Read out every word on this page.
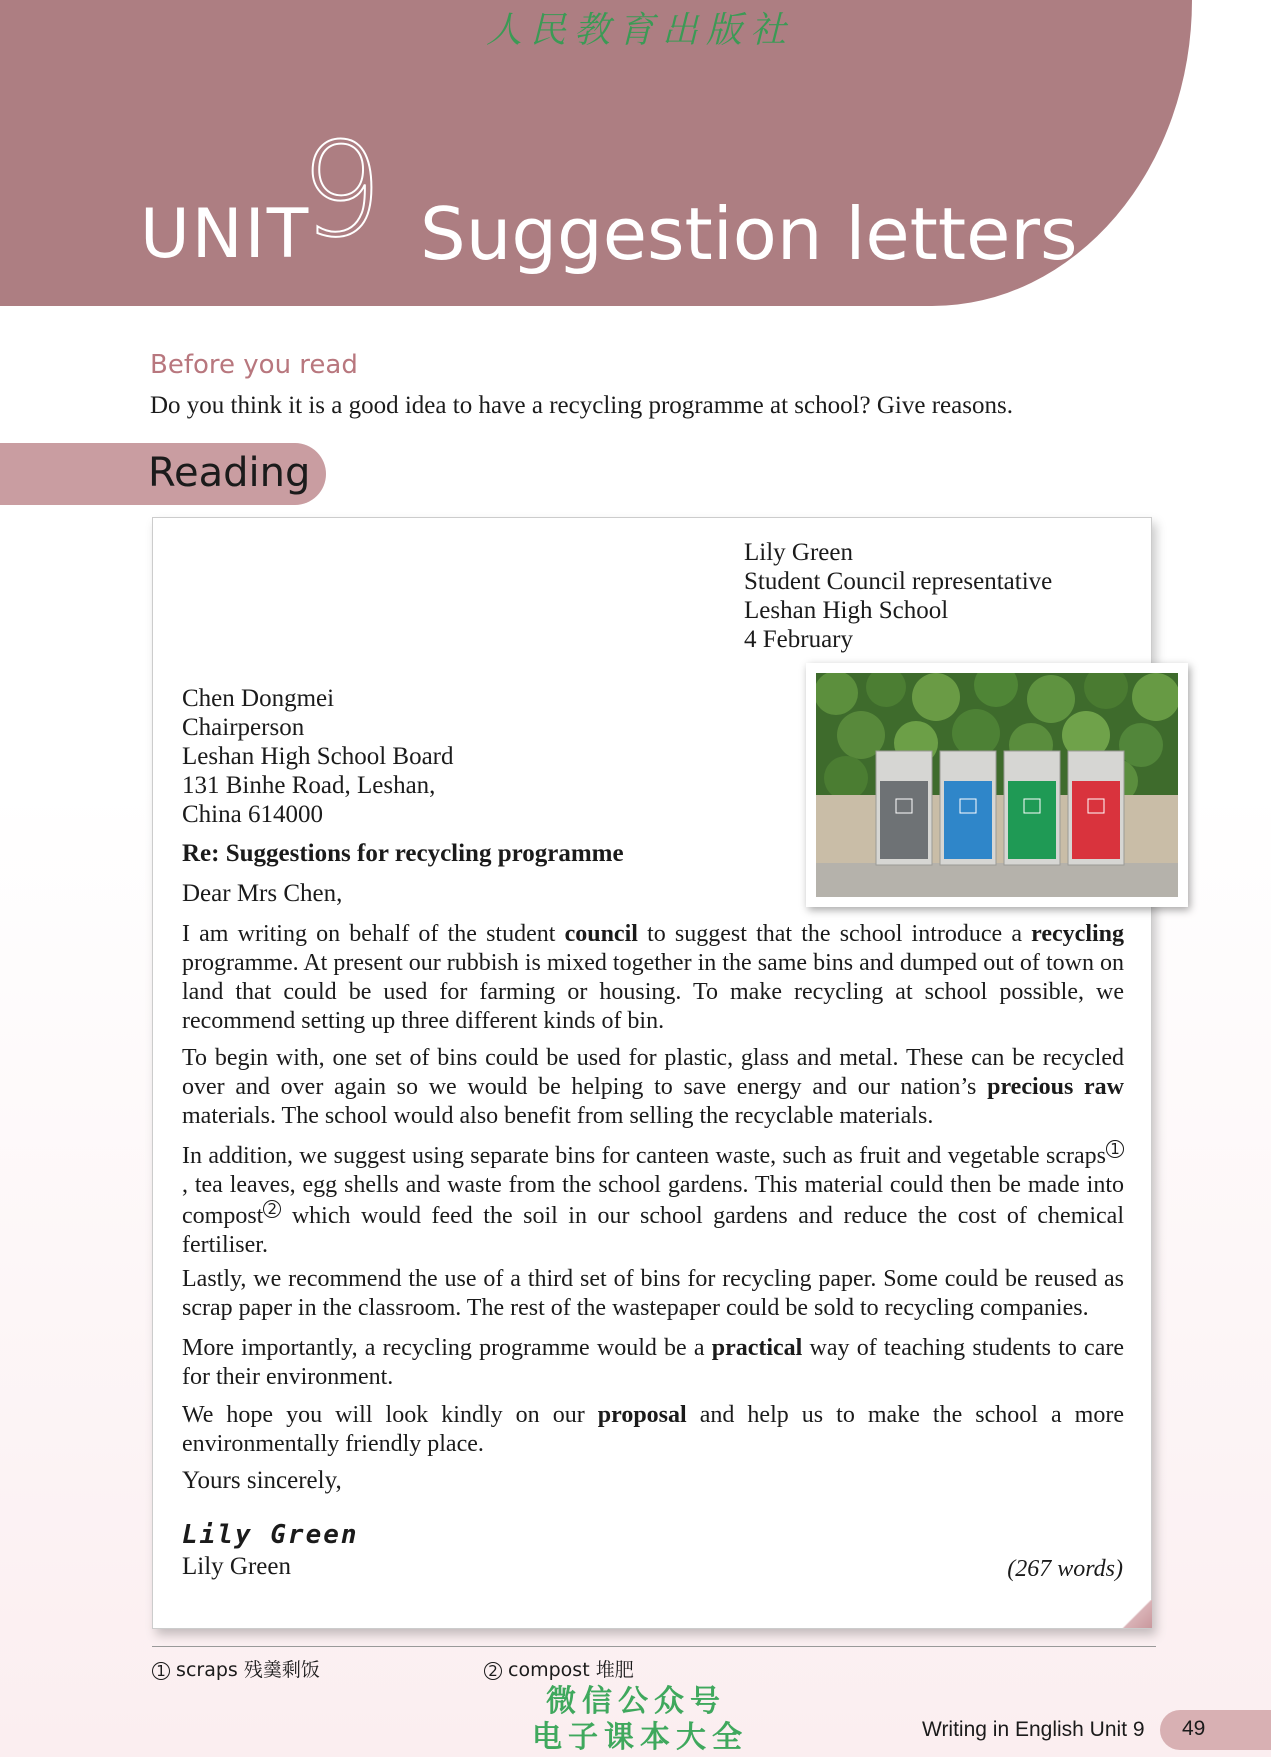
人民教育出版社
UNIT
9 Suggestion letters
Before you read
Do you think it is a good idea to have a recycling programme at school? Give reasons.
Reading
Lily Green
Student Council representative
Leshan High School
4 February
Chen Dongmei
Chairperson
Leshan High School Board
131 Binhe Road, Leshan,
China 614000
Re: Suggestions for recycling programme
Dear Mrs Chen,

I am writing on behalf of the student council to suggest that the school introduce a recycling programme. At present our rubbish is mixed together in the same bins and dumped out of town on land that could be used for farming or housing. To make recycling at school possible, we recommend setting up three different kinds of bin.

To begin with, one set of bins could be used for plastic, glass and metal. These can be recycled over and over again so we would be helping to save energy and our nation’s precious raw materials. The school would also benefit from selling the recyclable materials.

In addition, we suggest using separate bins for canteen waste, such as fruit and vegetable scraps 1, tea leaves, egg shells and waste from the school gardens. This material could then be made into compost 2 which would feed the soil in our school gardens and reduce the cost of chemical fertiliser.

Lastly, we recommend the use of a third set of bins for recycling paper. Some could be reused as scrap paper in the classroom. The rest of the wastepaper could be sold to recycling companies.

More importantly, a recycling programme would be a practical way of teaching students to care for their environment.

We hope you will look kindly on our proposal and help us to make the school a more environmentally friendly place.

Yours sincerely,
Lily Green
Lily Green	(267 words)
1 scraps 残羹剩饭	2 compost 堆肥
微信公众号
电子课本大全	Writing in English Unit 9 49
